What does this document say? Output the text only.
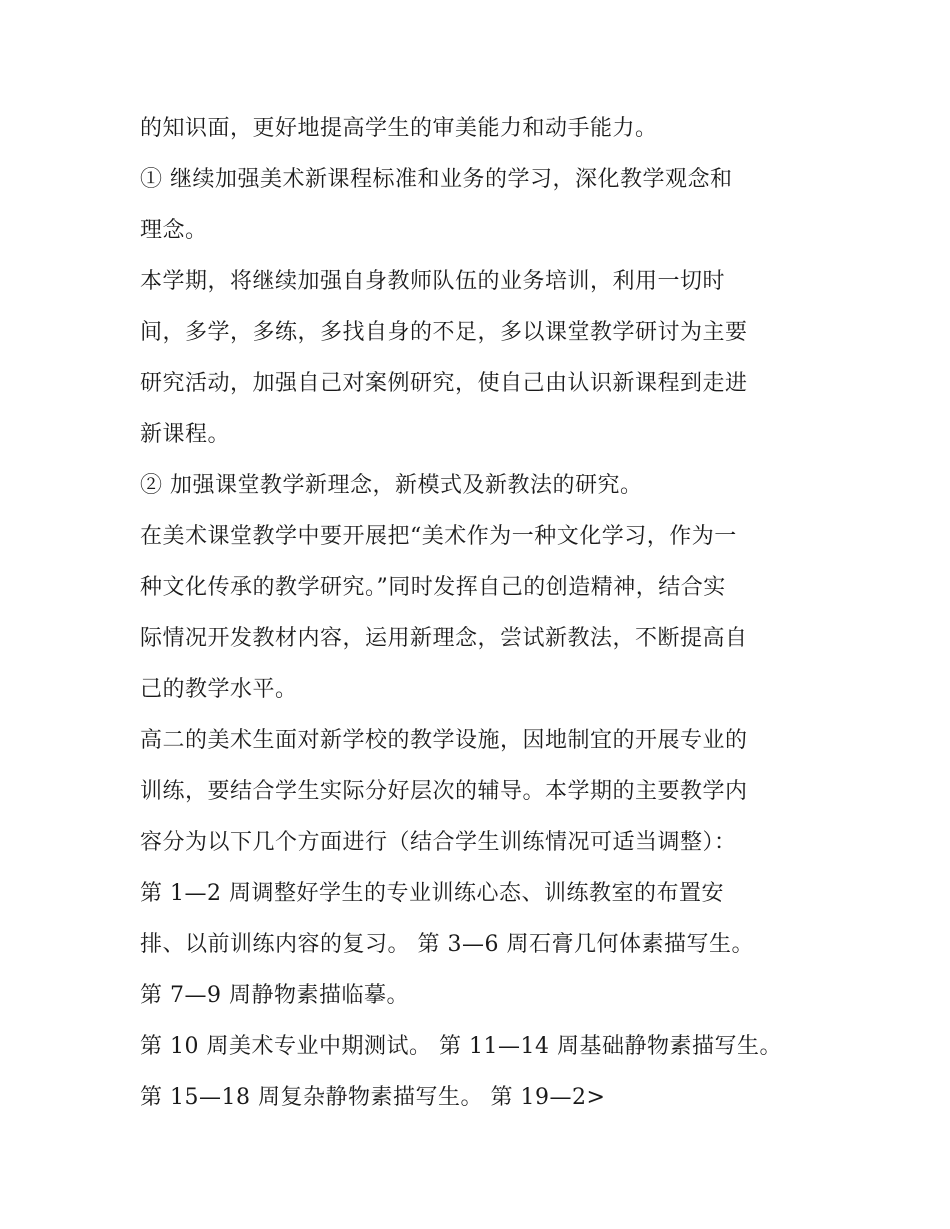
的知识面，更好地提高学生的审美能力和动手能力。
① 继续加强美术新课程标准和业务的学习，深化教学观念和
理念。
本学期，将继续加强自身教师队伍的业务培训，利用一切时
间，多学，多练，多找自身的不足，多以课堂教学研讨为主要
研究活动，加强自己对案例研究，使自己由认识新课程到走进
新课程。
② 加强课堂教学新理念，新模式及新教法的研究。
在美术课堂教学中要开展把“美术作为一种文化学习，作为一
种文化传承的教学研究。”同时发挥自己的创造精神，结合实
际情况开发教材内容，运用新理念，尝试新教法，不断提高自
己的教学水平。
高二的美术生面对新学校的教学设施，因地制宜的开展专业的
训练，要结合学生实际分好层次的辅导。本学期的主要教学内
容分为以下几个方面进行（结合学生训练情况可适当调整）：
第 1—2 周调整好学生的专业训练心态、训练教室的布置安
排、以前训练内容的复习。 第 3—6 周石膏几何体素描写生。
第 7—9 周静物素描临摹。
第 10 周美术专业中期测试。 第 11—14 周基础静物素描写生。
第 15—18 周复杂静物素描写生。 第 19—2>
